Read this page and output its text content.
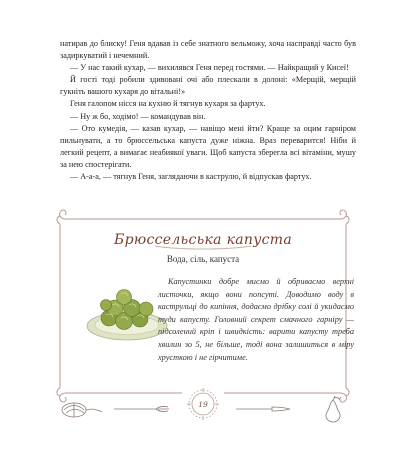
натирав до блиску! Геня вдавав із себе знатного вельможу, хоча насправді часто був задиркуватий і нечемний.

— У нас такий кухар, — вихилявся Геня перед гостями. — Найкращий у Кисеї!

Й гості тоді робили здивовані очі або плескали в долоні: «Мерщій, мерщій гукніть вашого кухаря до вітальні!»

Геня галопом нісся на кухню й тягнув кухаря за фартух.

— Ну ж бо, ходімо! — командував він.

— Ото кумедія, — казав кухар, — навіщо мені йти? Краще за оцим гарніром пильнувати, а то брюссельська капуста дуже ніжна. Враз переварится! Ніби й легкий рецепт, а вимагає неабиякої уваги. Щоб капуста зберегла всі вітаміни, мушу за нею спостерігати.

— А-а-а, — тягнув Геня, заглядаючи в каструлю, й відпускав фартух.

Брюссельська капуста
Вода, сіль, капуста

Капустинки добре миємо й обриваємо верхні листочки, якщо вони попсуті. Доводимо воду в каструльці до кипіння, додаємо дрібку солі й укидаємо туди капусту. Головний секрет смачного гарніру — підсолений кріп і швидкість: варити капусту треба хвилин зо 5, не більше, тоді вона залишиться в міру хрусткою і не гірчитиме.

19
